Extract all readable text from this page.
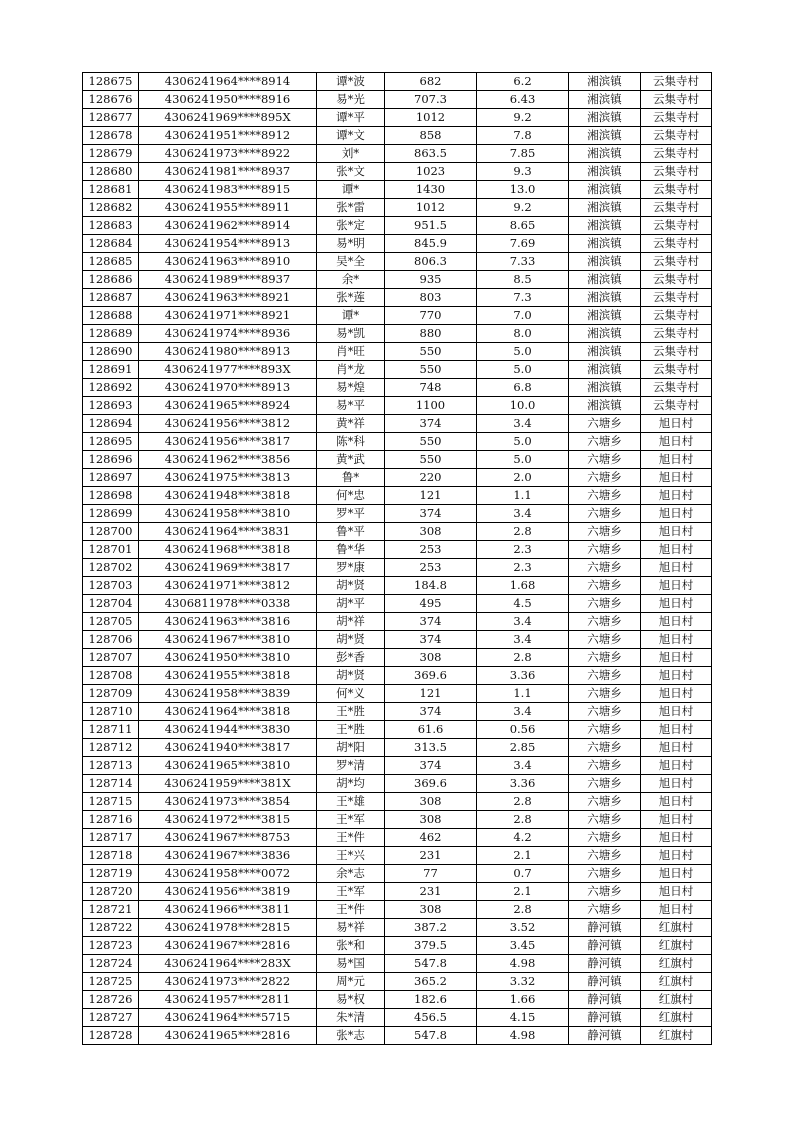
128675	4306241964****8914	谭*波	682	6.2	湘滨镇	云集寺村
128676	4306241950****8916	易*光	707.3	6.43	湘滨镇	云集寺村
128677	4306241969****895X	谭*平	1012	9.2	湘滨镇	云集寺村
128678	4306241951****8912	谭*文	858	7.8	湘滨镇	云集寺村
128679	4306241973****8922	刘*	863.5	7.85	湘滨镇	云集寺村
128680	4306241981****8937	张*文	1023	9.3	湘滨镇	云集寺村
128681	4306241983****8915	谭*	1430	13.0	湘滨镇	云集寺村
128682	4306241955****8911	张*雷	1012	9.2	湘滨镇	云集寺村
128683	4306241962****8914	张*定	951.5	8.65	湘滨镇	云集寺村
128684	4306241954****8913	易*明	845.9	7.69	湘滨镇	云集寺村
128685	4306241963****8910	吴*全	806.3	7.33	湘滨镇	云集寺村
128686	4306241989****8937	余*	935	8.5	湘滨镇	云集寺村
128687	4306241963****8921	张*莲	803	7.3	湘滨镇	云集寺村
128688	4306241971****8921	谭*	770	7.0	湘滨镇	云集寺村
128689	4306241974****8936	易*凯	880	8.0	湘滨镇	云集寺村
128690	4306241980****8913	肖*旺	550	5.0	湘滨镇	云集寺村
128691	4306241977****893X	肖*龙	550	5.0	湘滨镇	云集寺村
128692	4306241970****8913	易*煌	748	6.8	湘滨镇	云集寺村
128693	4306241965****8924	易*平	1100	10.0	湘滨镇	云集寺村
128694	4306241956****3812	黄*祥	374	3.4	六塘乡	旭日村
128695	4306241956****3817	陈*科	550	5.0	六塘乡	旭日村
128696	4306241962****3856	黄*武	550	5.0	六塘乡	旭日村
128697	4306241975****3813	鲁*	220	2.0	六塘乡	旭日村
128698	4306241948****3818	何*忠	121	1.1	六塘乡	旭日村
128699	4306241958****3810	罗*平	374	3.4	六塘乡	旭日村
128700	4306241964****3831	鲁*平	308	2.8	六塘乡	旭日村
128701	4306241968****3818	鲁*华	253	2.3	六塘乡	旭日村
128702	4306241969****3817	罗*康	253	2.3	六塘乡	旭日村
128703	4306241971****3812	胡*贤	184.8	1.68	六塘乡	旭日村
128704	4306811978****0338	胡*平	495	4.5	六塘乡	旭日村
128705	4306241963****3816	胡*祥	374	3.4	六塘乡	旭日村
128706	4306241967****3810	胡*贤	374	3.4	六塘乡	旭日村
128707	4306241950****3810	彭*香	308	2.8	六塘乡	旭日村
128708	4306241955****3818	胡*贤	369.6	3.36	六塘乡	旭日村
128709	4306241958****3839	何*义	121	1.1	六塘乡	旭日村
128710	4306241964****3818	王*胜	374	3.4	六塘乡	旭日村
128711	4306241944****3830	王*胜	61.6	0.56	六塘乡	旭日村
128712	4306241940****3817	胡*阳	313.5	2.85	六塘乡	旭日村
128713	4306241965****3810	罗*清	374	3.4	六塘乡	旭日村
128714	4306241959****381X	胡*均	369.6	3.36	六塘乡	旭日村
128715	4306241973****3854	王*雄	308	2.8	六塘乡	旭日村
128716	4306241972****3815	王*军	308	2.8	六塘乡	旭日村
128717	4306241967****8753	王*件	462	4.2	六塘乡	旭日村
128718	4306241967****3836	王*兴	231	2.1	六塘乡	旭日村
128719	4306241958****0072	余*志	77	0.7	六塘乡	旭日村
128720	4306241956****3819	王*军	231	2.1	六塘乡	旭日村
128721	4306241966****3811	王*件	308	2.8	六塘乡	旭日村
128722	4306241978****2815	易*祥	387.2	3.52	静河镇	红旗村
128723	4306241967****2816	张*和	379.5	3.45	静河镇	红旗村
128724	4306241964****283X	易*国	547.8	4.98	静河镇	红旗村
128725	4306241973****2822	周*元	365.2	3.32	静河镇	红旗村
128726	4306241957****2811	易*权	182.6	1.66	静河镇	红旗村
128727	4306241964****5715	朱*清	456.5	4.15	静河镇	红旗村
128728	4306241965****2816	张*志	547.8	4.98	静河镇	红旗村
